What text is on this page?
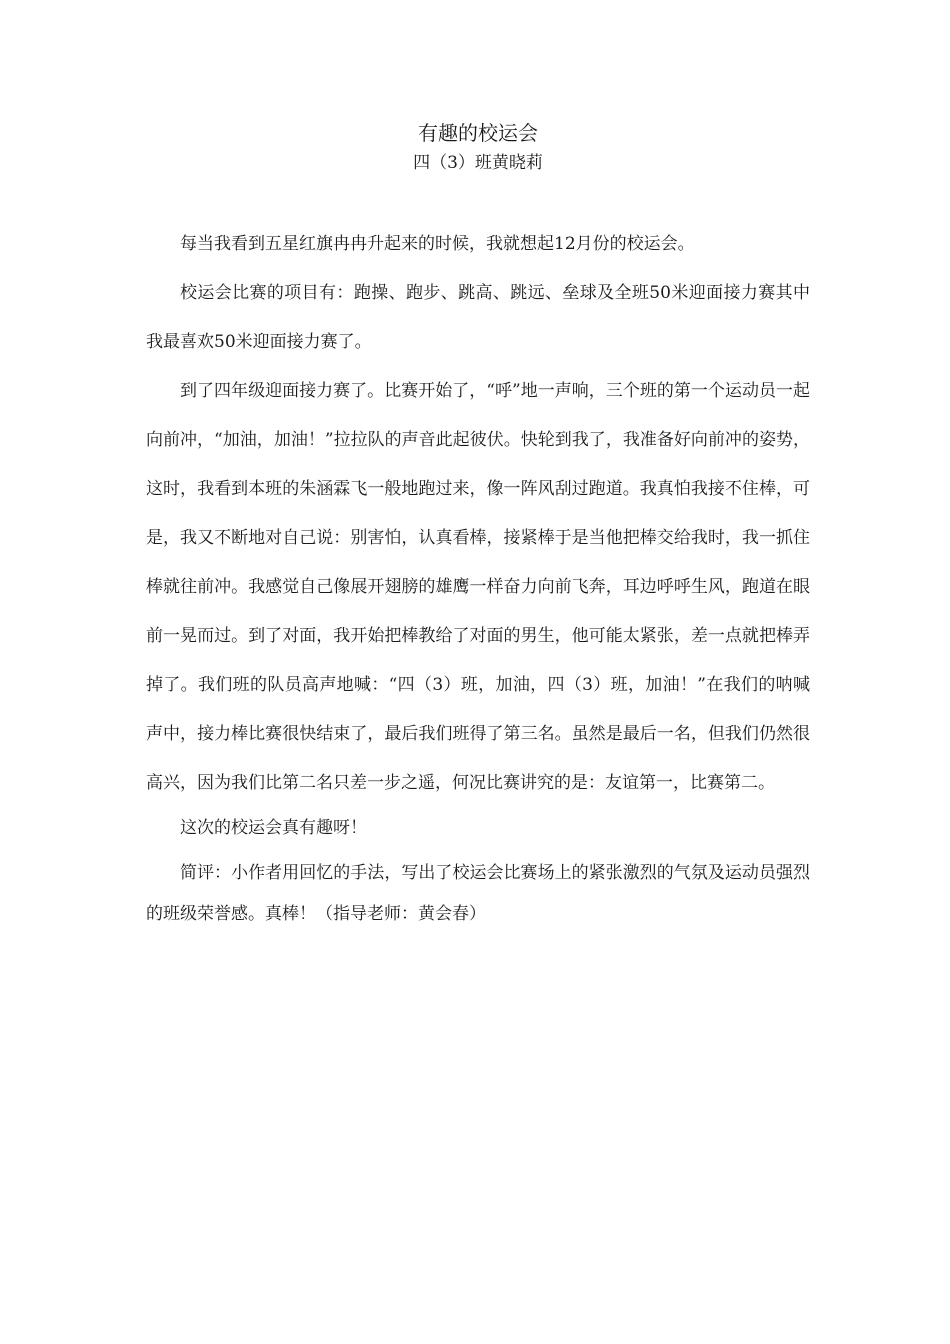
有趣的校运会
四（3）班黄晓莉

每当我看到五星红旗冉冉升起来的时候，我就想起12月份的校运会。

校运会比赛的项目有：跑操、跑步、跳高、跳远、垒球及全班50米迎面接力赛其中我最喜欢50米迎面接力赛了。

到了四年级迎面接力赛了。比赛开始了，“呼”地一声响，三个班的第一个运动员一起向前冲，“加油，加油！”拉拉队的声音此起彼伏。快轮到我了，我准备好向前冲的姿势，这时，我看到本班的朱涵霖飞一般地跑过来，像一阵风刮过跑道。我真怕我接不住棒，可是，我又不断地对自己说：别害怕，认真看棒，接紧棒于是当他把棒交给我时，我一抓住棒就往前冲。我感觉自己像展开翅膀的雄鹰一样奋力向前飞奔，耳边呼呼生风，跑道在眼前一晃而过。到了对面，我开始把棒教给了对面的男生，他可能太紧张，差一点就把棒弄掉了。我们班的队员高声地喊：“四（3）班，加油，四（3）班，加油！”在我们的呐喊声中，接力棒比赛很快结束了，最后我们班得了第三名。虽然是最后一名，但我们仍然很高兴，因为我们比第二名只差一步之遥，何况比赛讲究的是：友谊第一，比赛第二。

这次的校运会真有趣呀！

简评：小作者用回忆的手法，写出了校运会比赛场上的紧张激烈的气氛及运动员强烈的班级荣誉感。真棒！（指导老师：黄会春）
